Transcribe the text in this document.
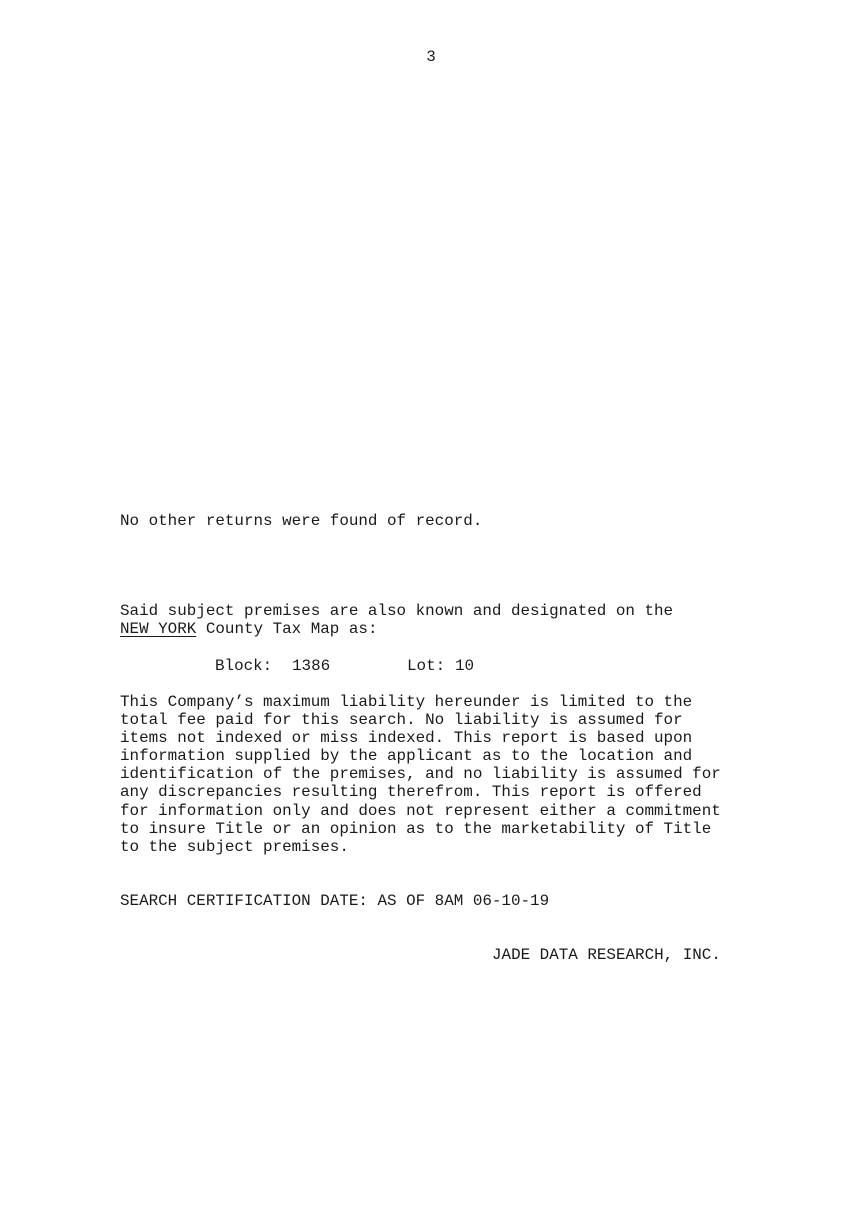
3
No other returns were found of record.
Said subject premises are also known and designated on the
NEW YORK County Tax Map as:
Block: 1386	Lot: 10
This Company’s maximum liability hereunder is limited to the
total fee paid for this search. No liability is assumed for
items not indexed or miss indexed. This report is based upon
information supplied by the applicant as to the location and
identification of the premises, and no liability is assumed for
any discrepancies resulting therefrom. This report is offered
for information only and does not represent either a commitment
to insure Title or an opinion as to the marketability of Title
to the subject premises.
SEARCH CERTIFICATION DATE: AS OF 8AM 06-10-19
JADE DATA RESEARCH, INC.
